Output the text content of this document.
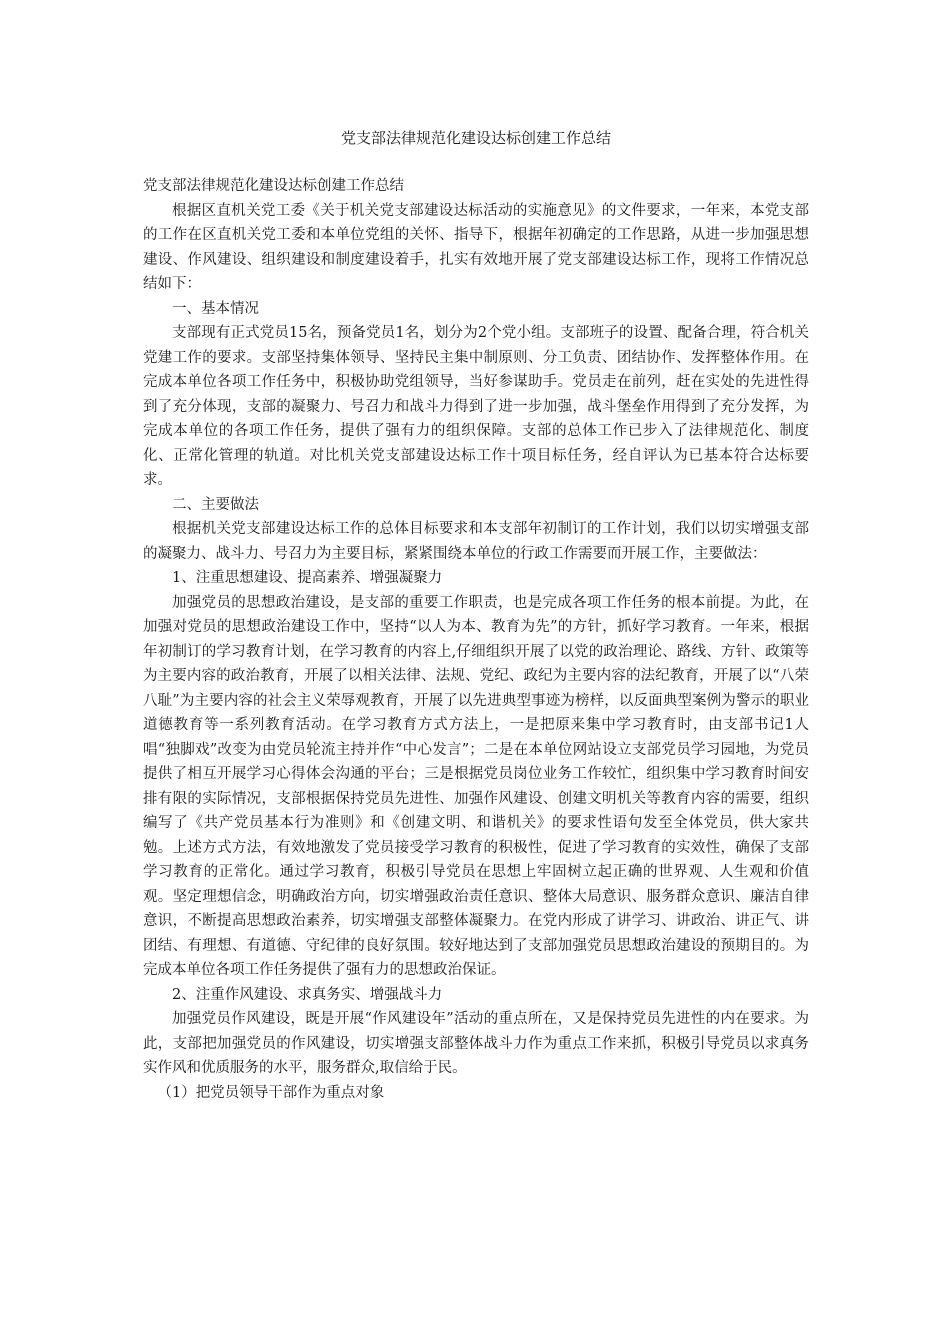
党支部法律规范化建设达标创建工作总结

党支部法律规范化建设达标创建工作总结

根据区直机关党工委《关于机关党支部建设达标活动的实施意见》的文件要求，一年来，本党支部的工作在区直机关党工委和本单位党组的关怀、指导下，根据年初确定的工作思路，从进一步加强思想建设、作风建设、组织建设和制度建设着手，扎实有效地开展了党支部建设达标工作，现将工作情况总结如下：

一、基本情况

支部现有正式党员15名，预备党员1名，划分为2个党小组。支部班子的设置、配备合理，符合机关党建工作的要求。支部坚持集体领导、坚持民主集中制原则、分工负责、团结协作、发挥整体作用。在完成本单位各项工作任务中，积极协助党组领导，当好参谋助手。党员走在前列，赶在实处的先进性得到了充分体现，支部的凝聚力、号召力和战斗力得到了进一步加强，战斗堡垒作用得到了充分发挥，为完成本单位的各项工作任务，提供了强有力的组织保障。支部的总体工作已步入了法律规范化、制度化、正常化管理的轨道。对比机关党支部建设达标工作十项目标任务，经自评认为已基本符合达标要求。

二、主要做法

根据机关党支部建设达标工作的总体目标要求和本支部年初制订的工作计划，我们以切实增强支部的凝聚力、战斗力、号召力为主要目标，紧紧围绕本单位的行政工作需要而开展工作，主要做法：

1、注重思想建设、提高素养、增强凝聚力

加强党员的思想政治建设，是支部的重要工作职责，也是完成各项工作任务的根本前提。为此，在加强对党员的思想政治建设工作中，坚持“以人为本、教育为先”的方针，抓好学习教育。一年来，根据年初制订的学习教育计划，在学习教育的内容上,仔细组织开展了以党的政治理论、路线、方针、政策等为主要内容的政治教育，开展了以相关法律、法规、党纪、政纪为主要内容的法纪教育，开展了以“八荣八耻”为主要内容的社会主义荣辱观教育，开展了以先进典型事迹为榜样，以反面典型案例为警示的职业道德教育等一系列教育活动。在学习教育方式方法上，一是把原来集中学习教育时，由支部书记1人唱“独脚戏”改变为由党员轮流主持并作“中心发言”；二是在本单位网站设立支部党员学习园地，为党员提供了相互开展学习心得体会沟通的平台；三是根据党员岗位业务工作较忙，组织集中学习教育时间安排有限的实际情况，支部根据保持党员先进性、加强作风建设、创建文明机关等教育内容的需要，组织编写了《共产党员基本行为准则》和《创建文明、和谐机关》的要求性语句发至全体党员，供大家共勉。上述方式方法，有效地激发了党员接受学习教育的积极性，促进了学习教育的实效性，确保了支部学习教育的正常化。通过学习教育，积极引导党员在思想上牢固树立起正确的世界观、人生观和价值观。坚定理想信念，明确政治方向，切实增强政治责任意识、整体大局意识、服务群众意识、廉洁自律意识，不断提高思想政治素养，切实增强支部整体凝聚力。在党内形成了讲学习、讲政治、讲正气、讲团结、有理想、有道德、守纪律的良好氛围。较好地达到了支部加强党员思想政治建设的预期目的。为完成本单位各项工作任务提供了强有力的思想政治保证。

2、注重作风建设、求真务实、增强战斗力

加强党员作风建设，既是开展“作风建设年”活动的重点所在，又是保持党员先进性的内在要求。为此，支部把加强党员的作风建设，切实增强支部整体战斗力作为重点工作来抓，积极引导党员以求真务实作风和优质服务的水平，服务群众,取信给于民。

（1）把党员领导干部作为重点对象
